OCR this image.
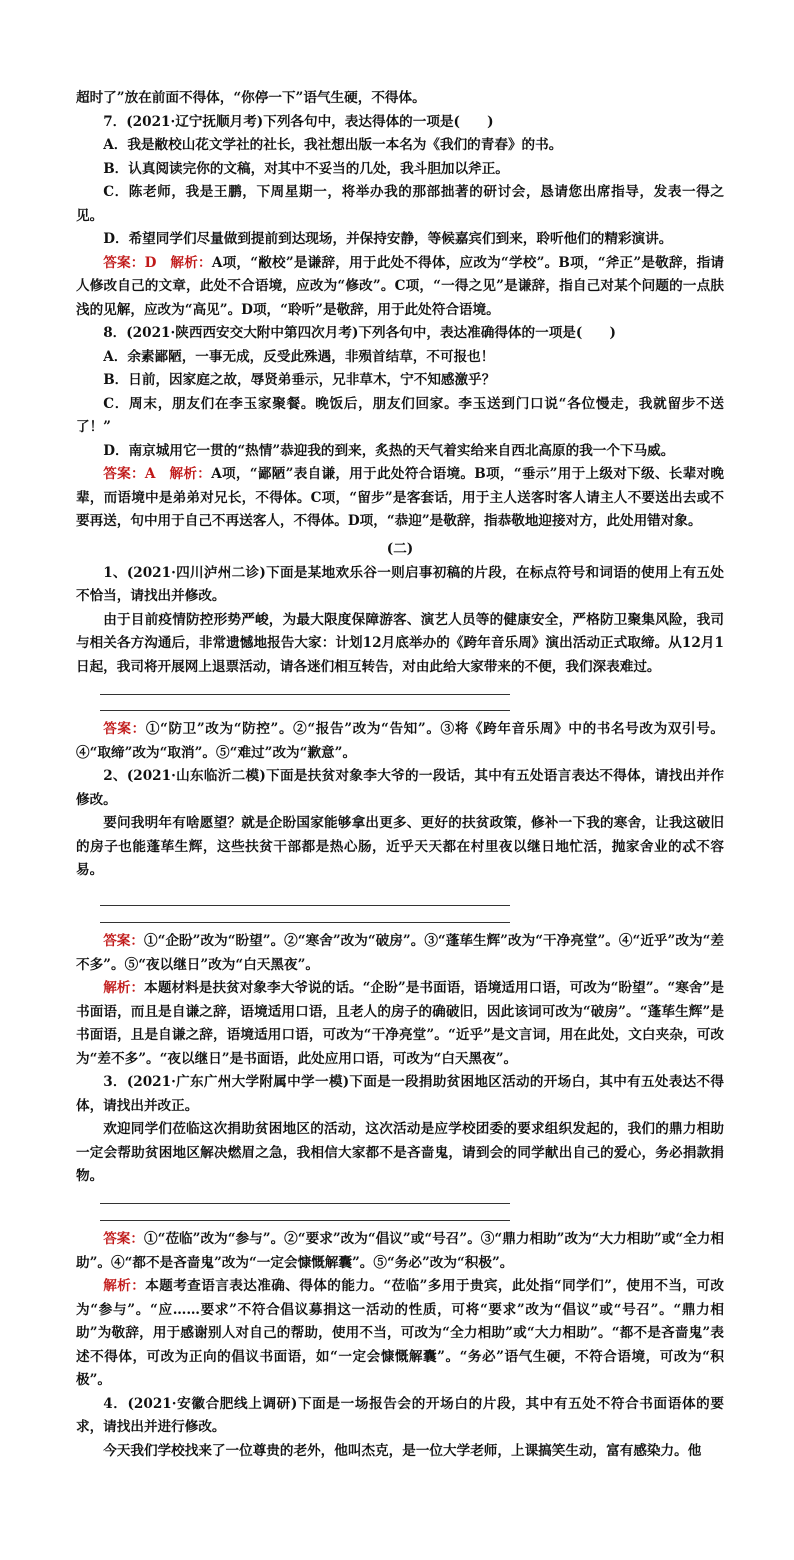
超时了”放在前面不得体，“你停一下”语气生硬，不得体。

7．(2021·辽宁抚顺月考)下列各句中，表达得体的一项是(　　)

A．我是敝校山花文学社的社长，我社想出版一本名为《我们的青春》的书。

B．认真阅读完你的文稿，对其中不妥当的几处，我斗胆加以斧正。

C．陈老师，我是王鹏，下周星期一，将举办我的那部拙著的研讨会，恳请您出席指导，发表一得之见。

D．希望同学们尽量做到提前到达现场，并保持安静，等候嘉宾们到来，聆听他们的精彩演讲。

答案：D　解析：A项，“敝校”是谦辞，用于此处不得体，应改为“学校”。B项，“斧正”是敬辞，指请人修改自己的文章，此处不合语境，应改为“修改”。C项，“一得之见”是谦辞，指自己对某个问题的一点肤浅的见解，应改为“高见”。D项，“聆听”是敬辞，用于此处符合语境。

8．(2021·陕西西安交大附中第四次月考)下列各句中，表达准确得体的一项是(　　)

A．余素鄙陋，一事无成，反受此殊遇，非殒首结草，不可报也！

B．日前，因家庭之故，辱贤弟垂示，兄非草木，宁不知感激乎？

C．周末，朋友们在李玉家聚餐。晚饭后，朋友们回家。李玉送到门口说“各位慢走，我就留步不送了！”

D．南京城用它一贯的“热情”恭迎我的到来，炙热的天气着实给来自西北高原的我一个下马威。

答案：A　解析：A项，“鄙陋”表自谦，用于此处符合语境。B项，“垂示”用于上级对下级、长辈对晚辈，而语境中是弟弟对兄长，不得体。C项，“留步”是客套话，用于主人送客时客人请主人不要送出去或不要再送，句中用于自己不再送客人，不得体。D项，“恭迎”是敬辞，指恭敬地迎接对方，此处用错对象。

(二)

1、(2021·四川泸州二诊)下面是某地欢乐谷一则启事初稿的片段，在标点符号和词语的使用上有五处不恰当，请找出并修改。

由于目前疫情防控形势严峻，为最大限度保障游客、演艺人员等的健康安全，严格防卫聚集风险，我司与相关各方沟通后，非常遗憾地报告大家：计划12月底举办的《跨年音乐周》演出活动正式取缔。从12月1日起，我司将开展网上退票活动，请各迷们相互转告，对由此给大家带来的不便，我们深表难过。

答案：①“防卫”改为“防控”。②“报告”改为“告知”。③将《跨年音乐周》中的书名号改为双引号。④“取缔”改为“取消”。⑤“难过”改为“歉意”。

2、(2021·山东临沂二模)下面是扶贫对象李大爷的一段话，其中有五处语言表达不得体，请找出并作修改。

要问我明年有啥愿望？就是企盼国家能够拿出更多、更好的扶贫政策，修补一下我的寒舍，让我这破旧的房子也能蓬荜生辉，这些扶贫干部都是热心肠，近乎天天都在村里夜以继日地忙活，抛家舍业的忒不容易。

答案：①“企盼”改为“盼望”。②“寒舍”改为“破房”。③“蓬荜生辉”改为“干净亮堂”。④“近乎”改为“差不多”。⑤“夜以继日”改为“白天黑夜”。

解析：本题材料是扶贫对象李大爷说的话。“企盼”是书面语，语境适用口语，可改为“盼望”。“寒舍”是书面语，而且是自谦之辞，语境适用口语，且老人的房子的确破旧，因此该词可改为“破房”。“蓬荜生辉”是书面语，且是自谦之辞，语境适用口语，可改为“干净亮堂”。“近乎”是文言词，用在此处，文白夹杂，可改为“差不多”。“夜以继日”是书面语，此处应用口语，可改为“白天黑夜”。

3．(2021·广东广州大学附属中学一模)下面是一段捐助贫困地区活动的开场白，其中有五处表达不得体，请找出并改正。

欢迎同学们莅临这次捐助贫困地区的活动，这次活动是应学校团委的要求组织发起的，我们的鼎力相助一定会帮助贫困地区解决燃眉之急，我相信大家都不是吝啬鬼，请到会的同学献出自己的爱心，务必捐款捐物。

答案：①“莅临”改为“参与”。②“要求”改为“倡议”或“号召”。③“鼎力相助”改为“大力相助”或“全力相助”。④“都不是吝啬鬼”改为“一定会慷慨解囊”。⑤“务必”改为“积极”。

解析：本题考查语言表达准确、得体的能力。“莅临”多用于贵宾，此处指“同学们”，使用不当，可改为“参与”。“应……要求”不符合倡议募捐这一活动的性质，可将“要求”改为“倡议”或“号召”。“鼎力相助”为敬辞，用于感谢别人对自己的帮助，使用不当，可改为“全力相助”或“大力相助”。“都不是吝啬鬼”表述不得体，可改为正向的倡议书面语，如“一定会慷慨解囊”。“务必”语气生硬，不符合语境，可改为“积极”。

4．(2021·安徽合肥线上调研)下面是一场报告会的开场白的片段，其中有五处不符合书面语体的要求，请找出并进行修改。

今天我们学校找来了一位尊贵的老外，他叫杰克，是一位大学老师，上课搞笑生动，富有感染力。他
